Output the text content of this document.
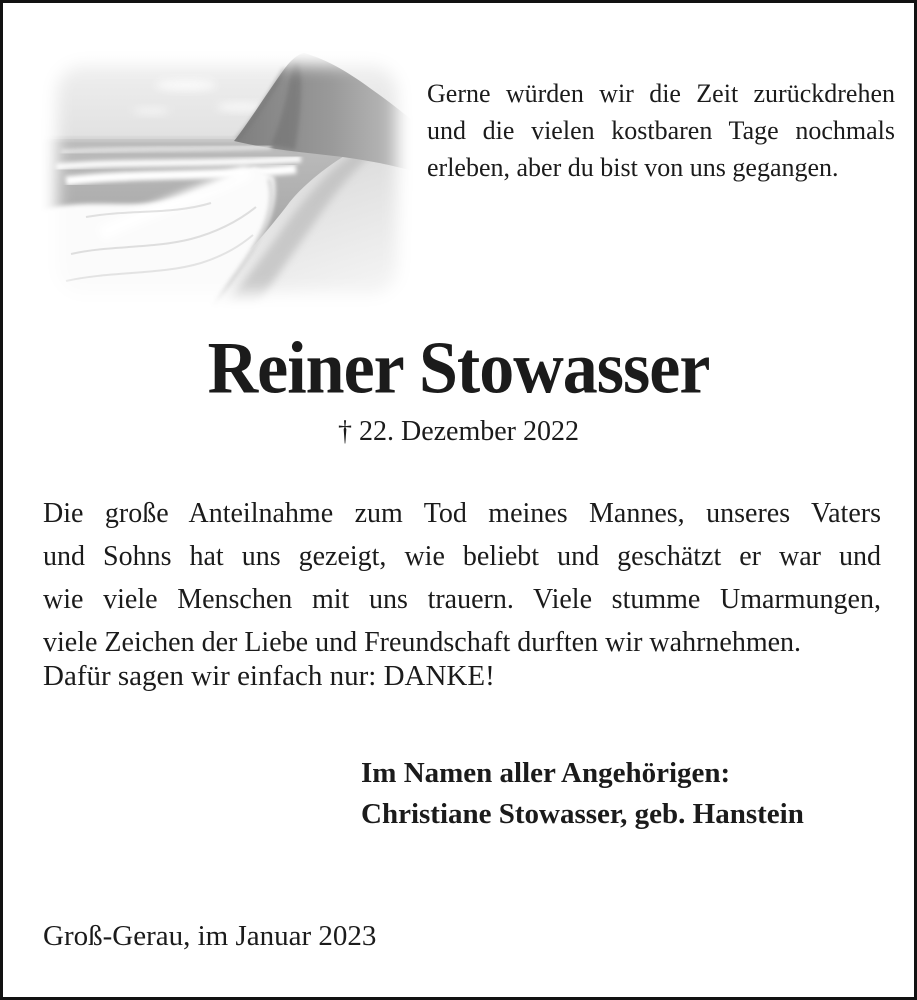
Gerne würden wir die Zeit zurückdrehen
und die vielen kostbaren Tage nochmals
erleben, aber du bist von uns gegangen.
Reiner Stowasser
† 22. Dezember 2022
Die große Anteilnahme zum Tod meines Mannes, unseres Vaters
und Sohns hat uns gezeigt, wie beliebt und geschätzt er war und
wie viele Menschen mit uns trauern. Viele stumme Umarmungen,
viele Zeichen der Liebe und Freundschaft durften wir wahrnehmen.
Dafür sagen wir einfach nur: DANKE!
Im Namen aller Angehörigen:
Christiane Stowasser, geb. Hanstein
Groß-Gerau, im Januar 2023
